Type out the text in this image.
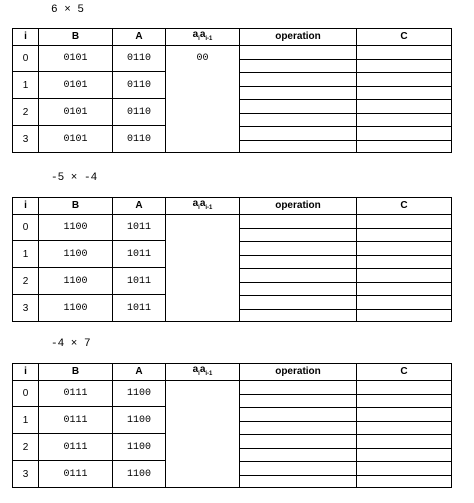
6 × 5
i	B	A	$a_ia_{i-1}$	operation	C
0	0101	0110	00	

1	0101	0110			
2	0101	0110			
3	0101	0110			
-5 × -4
i	B	A	$a_ia_{i-1}$	operation	C
0	1100	1011		

1	1100	1011			
2	1100	1011			
3	1100	1011			
-4 × 7
i	B	A	$a_ia_{i-1}$	operation	C
0	0111	1100		

1	0111	1100			
2	0111	1100			
3	0111	1100			
